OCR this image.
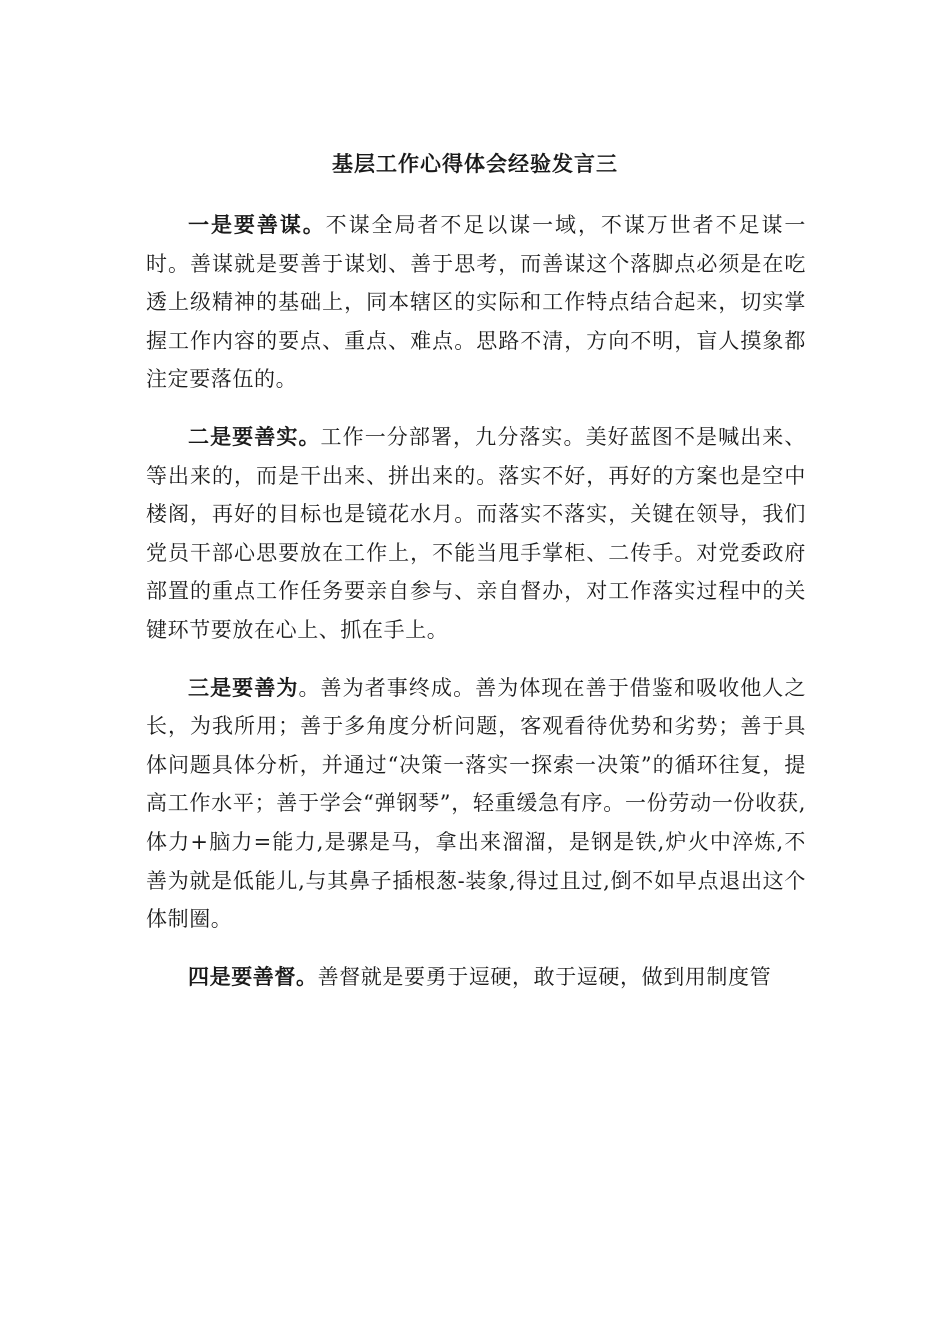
基层工作心得体会经验发言三

一是要善谋。不谋全局者不足以谋一域，不谋万世者不足谋一时。善谋就是要善于谋划、善于思考，而善谋这个落脚点必须是在吃透上级精神的基础上，同本辖区的实际和工作特点结合起来，切实掌握工作内容的要点、重点、难点。思路不清，方向不明，盲人摸象都注定要落伍的。

二是要善实。工作一分部署，九分落实。美好蓝图不是喊出来、等出来的，而是干出来、拼出来的。落实不好，再好的方案也是空中楼阁，再好的目标也是镜花水月。而落实不落实，关键在领导，我们党员干部心思要放在工作上，不能当甩手掌柜、二传手。对党委政府部置的重点工作任务要亲自参与、亲自督办，对工作落实过程中的关键环节要放在心上、抓在手上。

三是要善为。善为者事终成。善为体现在善于借鉴和吸收他人之长，为我所用；善于多角度分析问题，客观看待优势和劣势；善于具体问题具体分析，并通过“决策一落实一探索一决策”的循环往复，提高工作水平；善于学会“弹钢琴”，轻重缓急有序。一份劳动一份收获,体力+脑力=能力,是骡是马，拿出来溜溜，是钢是铁,炉火中淬炼,不善为就是低能儿,与其鼻子插根葱-装象,得过且过,倒不如早点退出这个体制圈。

四是要善督。善督就是要勇于逗硬，敢于逗硬，做到用制度管
